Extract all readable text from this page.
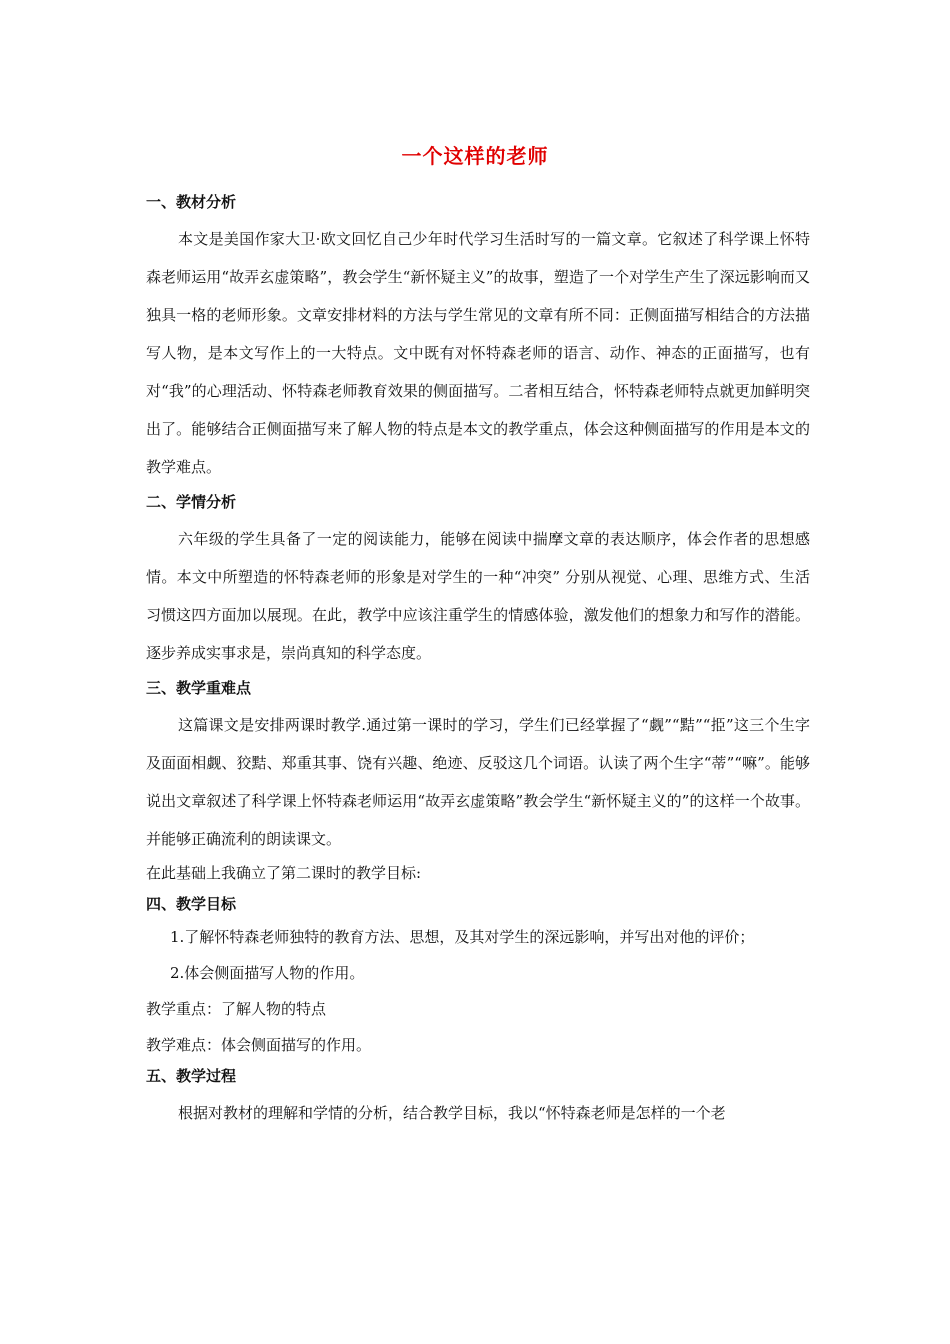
一个这样的老师
一、教材分析

本文是美国作家大卫·欧文回忆自己少年时代学习生活时写的一篇文章。它叙述了科学课上怀特森老师运用“故弄玄虚策略”，教会学生“新怀疑主义”的故事，塑造了一个对学生产生了深远影响而又独具一格的老师形象。文章安排材料的方法与学生常见的文章有所不同：正侧面描写相结合的方法描写人物，是本文写作上的一大特点。文中既有对怀特森老师的语言、动作、神态的正面描写，也有对“我”的心理活动、怀特森老师教育效果的侧面描写。二者相互结合，怀特森老师特点就更加鲜明突出了。能够结合正侧面描写来了解人物的特点是本文的教学重点，体会这种侧面描写的作用是本文的教学难点。

二、学情分析

六年级的学生具备了一定的阅读能力，能够在阅读中揣摩文章的表达顺序，体会作者的思想感情。本文中所塑造的怀特森老师的形象是对学生的一种“冲突” 分别从视觉、心理、思维方式、生活习惯这四方面加以展现。在此，教学中应该注重学生的情感体验，激发他们的想象力和写作的潜能。逐步养成实事求是，崇尚真知的科学态度。

三、教学重难点

这篇课文是安排两课时教学.通过第一课时的学习，学生们已经掌握了“觑”“黠”“挋”这三个生字及面面相觑、狡黠、郑重其事、饶有兴趣、绝迹、反驳这几个词语。认读了两个生字“蒂”“嘛”。能够说出文章叙述了科学课上怀特森老师运用“故弄玄虚策略”教会学生“新怀疑主义的”的这样一个故事。并能够正确流利的朗读课文。

在此基础上我确立了第二课时的教学目标:

四、教学目标

1.了解怀特森老师独特的教育方法、思想，及其对学生的深远影响，并写出对他的评价；

2.体会侧面描写人物的作用。

教学重点：了解人物的特点

教学难点：体会侧面描写的作用。

五、教学过程

根据对教材的理解和学情的分析，结合教学目标，我以“怀特森老师是怎样的一个老
